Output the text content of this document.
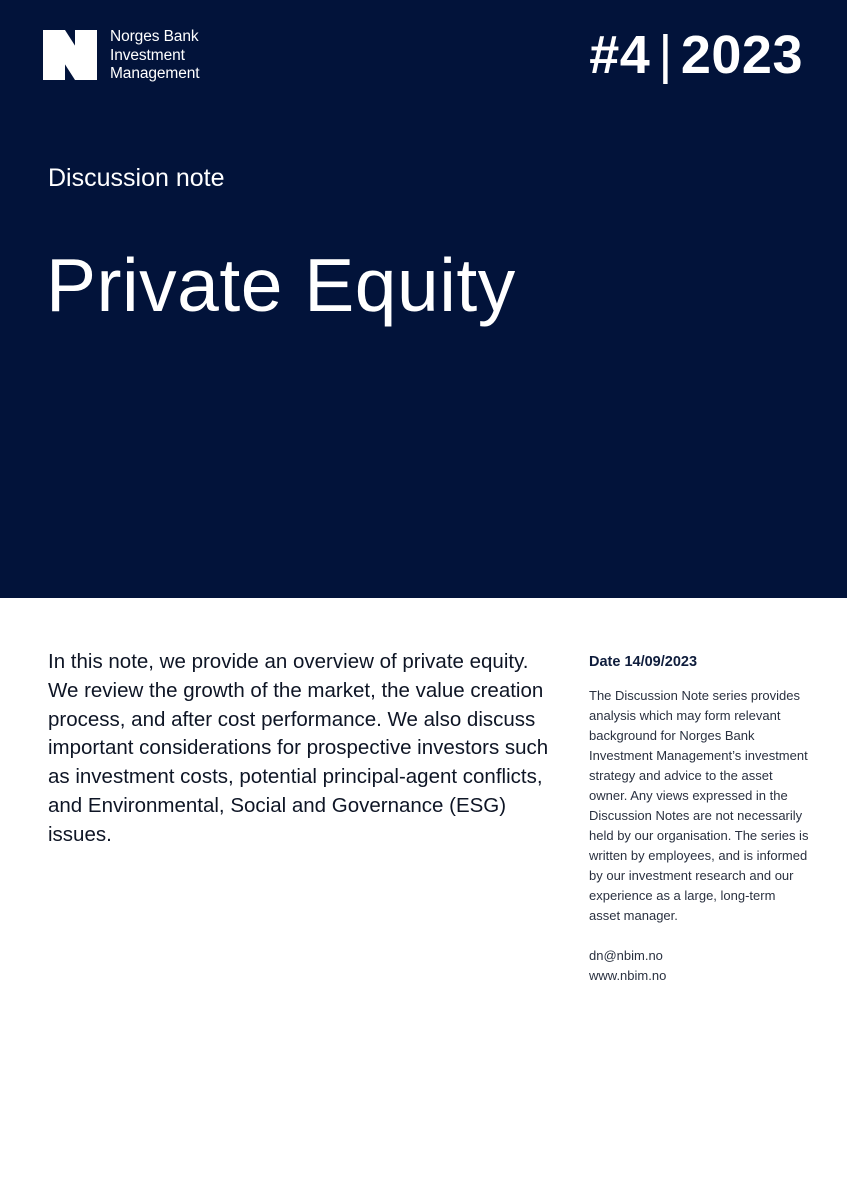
Norges Bank
Investment
Management	#4 | 2023
Discussion note
Private Equity

In this note, we provide an overview of private equity. We review the growth of the market, the value creation process, and after cost performance. We also discuss important considerations for prospective investors such as investment costs, potential principal-agent conflicts, and Environmental, Social and Governance (ESG) issues.

Date 14/09/2023
The Discussion Note series provides analysis which may form relevant background for Norges Bank Investment Management’s investment strategy and advice to the asset owner. Any views expressed in the Discussion Notes are not necessarily held by our organisation. The series is written by employees, and is informed by our investment research and our experience as a large, long-term asset manager.
dn@nbim.no
www.nbim.no
